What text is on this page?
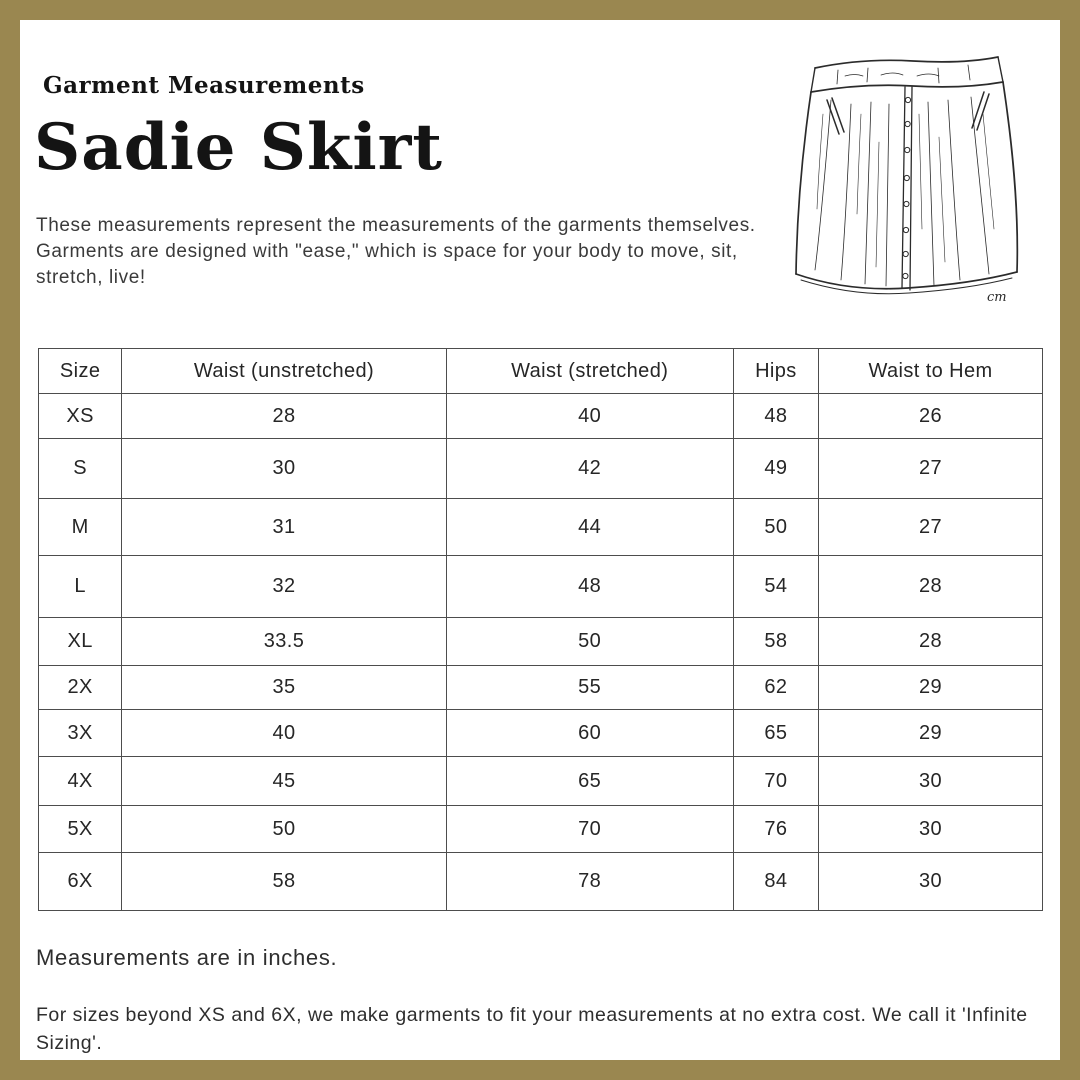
Garment Measurements
Sadie Skirt

These measurements represent the measurements of the garments themselves. Garments are designed with "ease," which is space for your body to move, sit, stretch, live!

cm
Size	Waist (unstretched)	Waist (stretched)	Hips	Waist to Hem
XS	28	40	48	26
S	30	42	49	27
M	31	44	50	27
L	32	48	54	28
XL	33.5	50	58	28
2X	35	55	62	29
3X	40	60	65	29
4X	45	65	70	30
5X	50	70	76	30
6X	58	78	84	30
Measurements are in inches.
For sizes beyond XS and 6X, we make garments to fit your measurements at no extra cost. We call it 'Infinite Sizing'.
